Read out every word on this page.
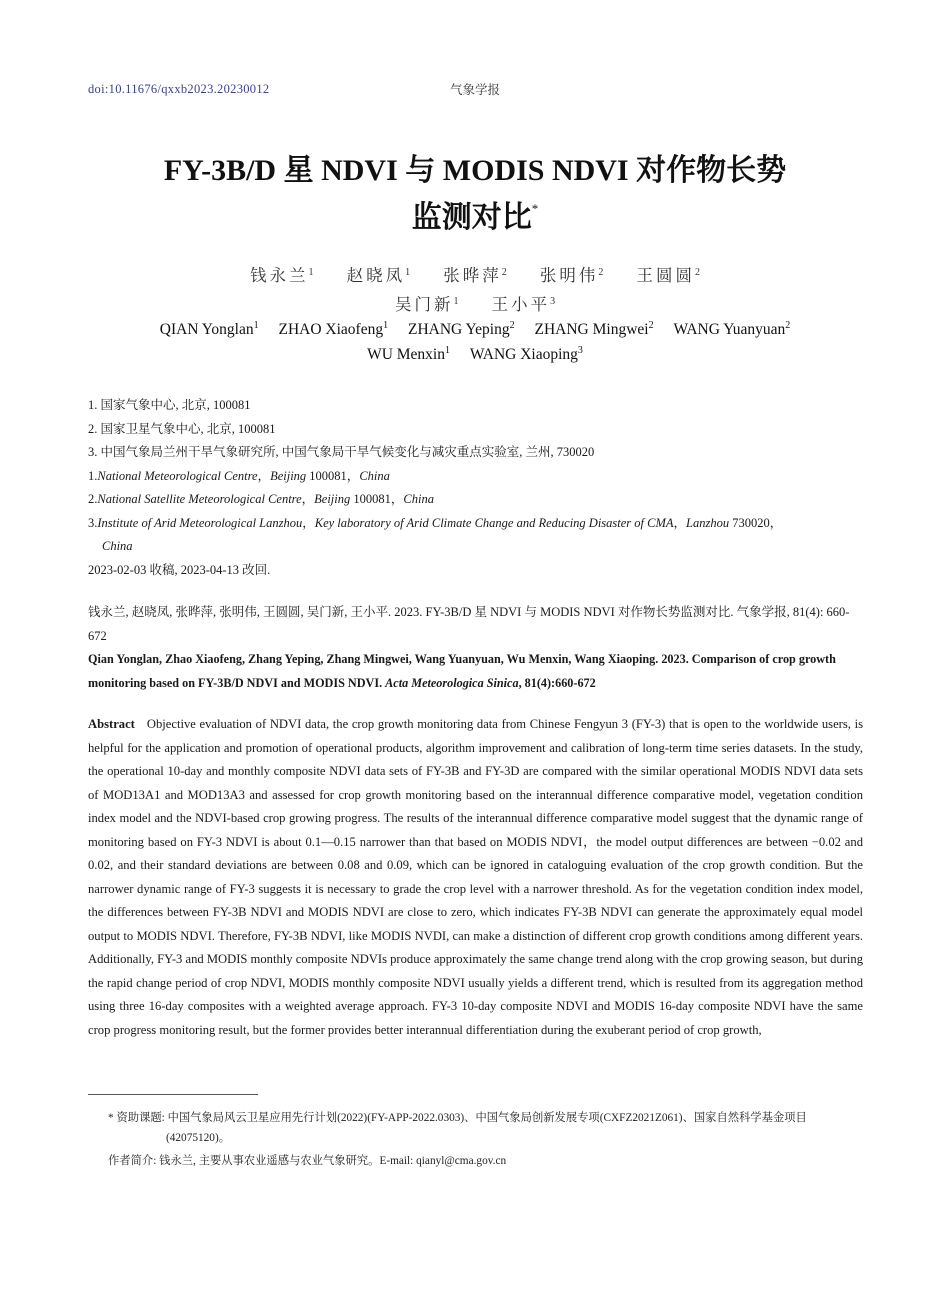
doi:10.11676/qxxb2023.20230012	气象学报
FY-3B/D 星 NDVI 与 MODIS NDVI 对作物长势
监测对比*
钱永兰$^1$ 赵晓凤$^1$ 张晔萍$^2$ 张明伟$^2$ 王圆圆$^2$
吴门新$^1$ 王小平$^3$
QIAN Yonglan$^1$ ZHAO Xiaofeng$^1$ ZHANG Yeping$^2$ ZHANG Mingwei$^2$ WANG Yuanyuan$^2$
WU Menxin$^1$ WANG Xiaoping$^3$
1. 国家气象中心, 北京, 100081
2. 国家卫星气象中心, 北京, 100081
3. 中国气象局兰州干旱气象研究所, 中国气象局干旱气候变化与减灾重点实验室, 兰州, 730020
1.National Meteorological Centre，Beijing 100081，China
2.National Satellite Meteorological Centre，Beijing 100081，China
3.Institute of Arid Meteorological Lanzhou，Key laboratory of Arid Climate Change and Reducing Disaster of CMA，Lanzhou 730020，
China
2023-02-03 收稿, 2023-04-13 改回.
钱永兰, 赵晓凤, 张晔萍, 张明伟, 王圆圆, 吴门新, 王小平. 2023. FY-3B/D 星 NDVI 与 MODIS NDVI 对作物长势监测对比. 气象学报, 81(4): 660-672
Qian Yonglan, Zhao Xiaofeng, Zhang Yeping, Zhang Mingwei, Wang Yuanyuan, Wu Menxin, Wang Xiaoping. 2023. Comparison of crop growth monitoring based on FY-3B/D NDVI and MODIS NDVI. Acta Meteorologica Sinica, 81(4):660-672
Abstract Objective evaluation of NDVI data, the crop growth monitoring data from Chinese Fengyun 3 (FY-3) that is open to the worldwide users, is helpful for the application and promotion of operational products, algorithm improvement and calibration of long-term time series datasets. In the study, the operational 10-day and monthly composite NDVI data sets of FY-3B and FY-3D are compared with the similar operational MODIS NDVI data sets of MOD13A1 and MOD13A3 and assessed for crop growth monitoring based on the interannual difference comparative model, vegetation condition index model and the NDVI-based crop growing progress. The results of the interannual difference comparative model suggest that the dynamic range of monitoring based on FY-3 NDVI is about 0.1—0.15 narrower than that based on MODIS NDVI，the model output differences are between −0.02 and 0.02, and their standard deviations are between 0.08 and 0.09, which can be ignored in cataloguing evaluation of the crop growth condition. But the narrower dynamic range of FY-3 suggests it is necessary to grade the crop level with a narrower threshold. As for the vegetation condition index model, the differences between FY-3B NDVI and MODIS NDVI are close to zero, which indicates FY-3B NDVI can generate the approximately equal model output to MODIS NDVI. Therefore, FY-3B NDVI, like MODIS NVDI, can make a distinction of different crop growth conditions among different years. Additionally, FY-3 and MODIS monthly composite NDVIs produce approximately the same change trend along with the crop growing season, but during the rapid change period of crop NDVI, MODIS monthly composite NDVI usually yields a different trend, which is resulted from its aggregation method using three 16-day composites with a weighted average approach. FY-3 10-day composite NDVI and MODIS 16-day composite NDVI have the same crop progress monitoring result, but the former provides better interannual differentiation during the exuberant period of crop growth,
* 资助课题: 中国气象局风云卫星应用先行计划(2022)(FY-APP-2022.0303)、中国气象局创新发展专项(CXFZ2021Z061)、国家自然科学基金项目
(42075120)。
作者简介: 钱永兰, 主要从事农业遥感与农业气象研究。E-mail: qianyl@cma.gov.cn
